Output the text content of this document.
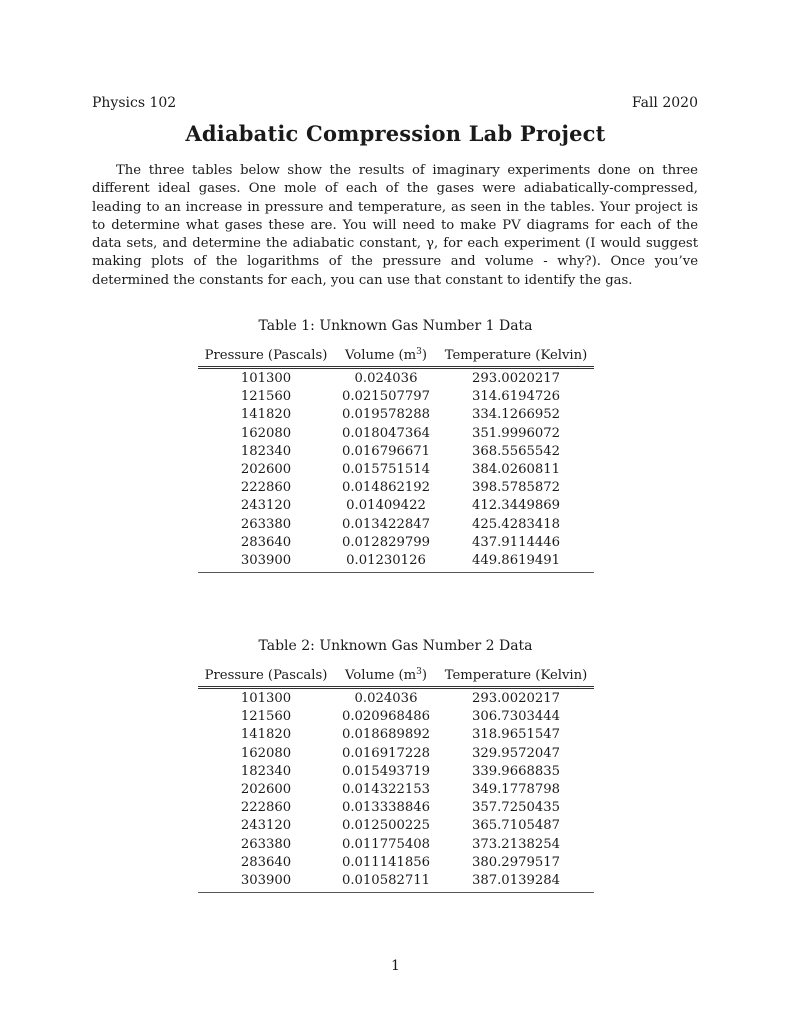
Physics 102	Fall 2020
Adiabatic Compression Lab Project

The three tables below show the results of imaginary experiments done on three different ideal gases. One mole of each of the gases were adiabatically-compressed, leading to an increase in pressure and temperature, as seen in the tables. Your project is to determine what gases these are. You will need to make PV diagrams for each of the data sets, and determine the adiabatic constant, γ, for each experiment (I would suggest making plots of the logarithms of the pressure and volume - why?). Once you’ve determined the constants for each, you can use that constant to identify the gas.

Table 1: Unknown Gas Number 1 Data
Pressure (Pascals)	Volume $(m^3)$	Temperature (Kelvin)
101300	0.024036	293.0020217
121560	0.021507797	314.6194726
141820	0.019578288	334.1266952
162080	0.018047364	351.9996072
182340	0.016796671	368.5565542
202600	0.015751514	384.0260811
222860	0.014862192	398.5785872
243120	0.01409422	412.3449869
263380	0.013422847	425.4283418
283640	0.012829799	437.9114446
303900	0.01230126	449.8619491
Table 2: Unknown Gas Number 2 Data
Pressure (Pascals)	Volume $(m^3)$	Temperature (Kelvin)
101300	0.024036	293.0020217
121560	0.020968486	306.7303444
141820	0.018689892	318.9651547
162080	0.016917228	329.9572047
182340	0.015493719	339.9668835
202600	0.014322153	349.1778798
222860	0.013338846	357.7250435
243120	0.012500225	365.7105487
263380	0.011775408	373.2138254
283640	0.011141856	380.2979517
303900	0.010582711	387.0139284
1
